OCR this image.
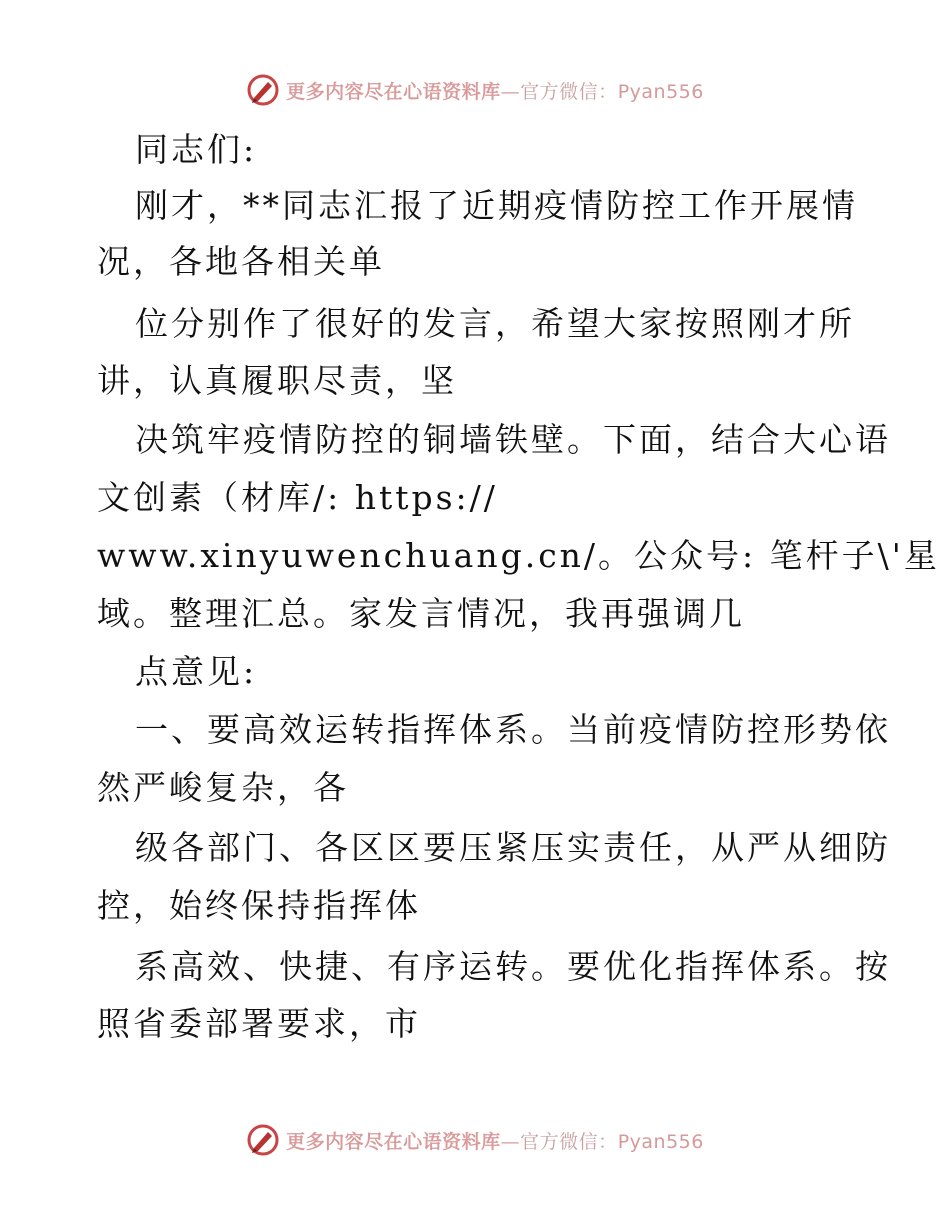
更多内容尽在心语资料库—官方微信：Pyan556
同志们:
刚才，**同志汇报了近期疫情防控工作开展情
况，各地各相关单
位分别作了很好的发言，希望大家按照刚才所
讲，认真履职尽责，坚
决筑牢疫情防控的铜墙铁壁。下面，结合大心语
文创素（材库/: https://
www.xinyuwenchuang.cn/。公众号: 笔杆子\'星
域。整理汇总。家发言情况，我再强调几
点意见:
一、要高效运转指挥体系。当前疫情防控形势依
然严峻复杂，各
级各部门、各区区要压紧压实责任，从严从细防
控，始终保持指挥体
系高效、快捷、有序运转。要优化指挥体系。按
照省委部署要求，市
更多内容尽在心语资料库—官方微信：Pyan556
